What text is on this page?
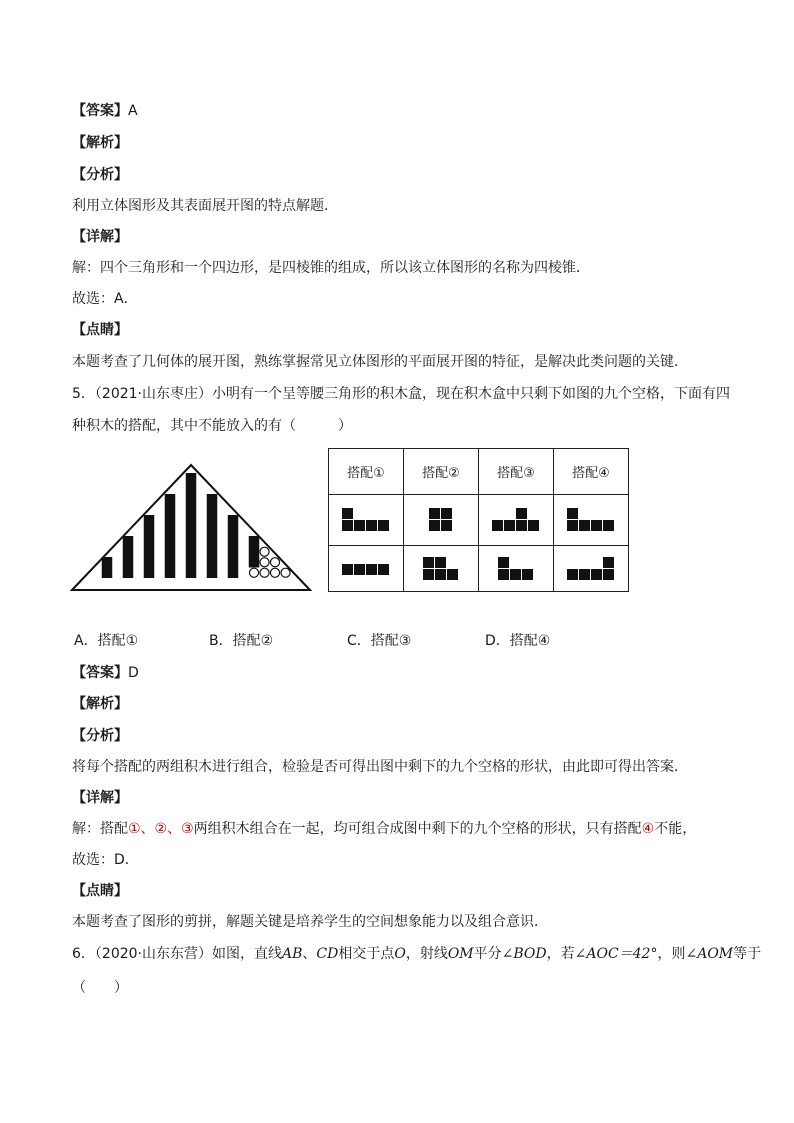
【答案】A
【解析】
【分析】
利用立体图形及其表面展开图的特点解题．
【详解】
解：四个三角形和一个四边形，是四棱锥的组成，所以该立体图形的名称为四棱锥．
故选：A．
【点睛】
本题考查了几何体的展开图，熟练掌握常见立体图形的平面展开图的特征，是解决此类问题的关键．
5．（2021·山东枣庄）小明有一个呈等腰三角形的积木盒，现在积木盒中只剩下如图的九个空格，下面有四
种积木的搭配，其中不能放入的有（　　　）
搭配①	搭配②	搭配③	搭配④

A．搭配①	B．搭配②	C．搭配③	D．搭配④
【答案】D
【解析】
【分析】
将每个搭配的两组积木进行组合，检验是否可得出图中剩下的九个空格的形状，由此即可得出答案．
【详解】
解：搭配①、②、③两组积木组合在一起，均可组合成图中剩下的九个空格的形状，只有搭配④不能，
故选：D．
【点睛】
本题考查了图形的剪拼，解题关键是培养学生的空间想象能力以及组合意识．
6．（2020·山东东营）如图，直线AB、CD相交于点O，射线OM平分∠BOD，若∠AOC＝42°，则∠AOM等于
（　　）
